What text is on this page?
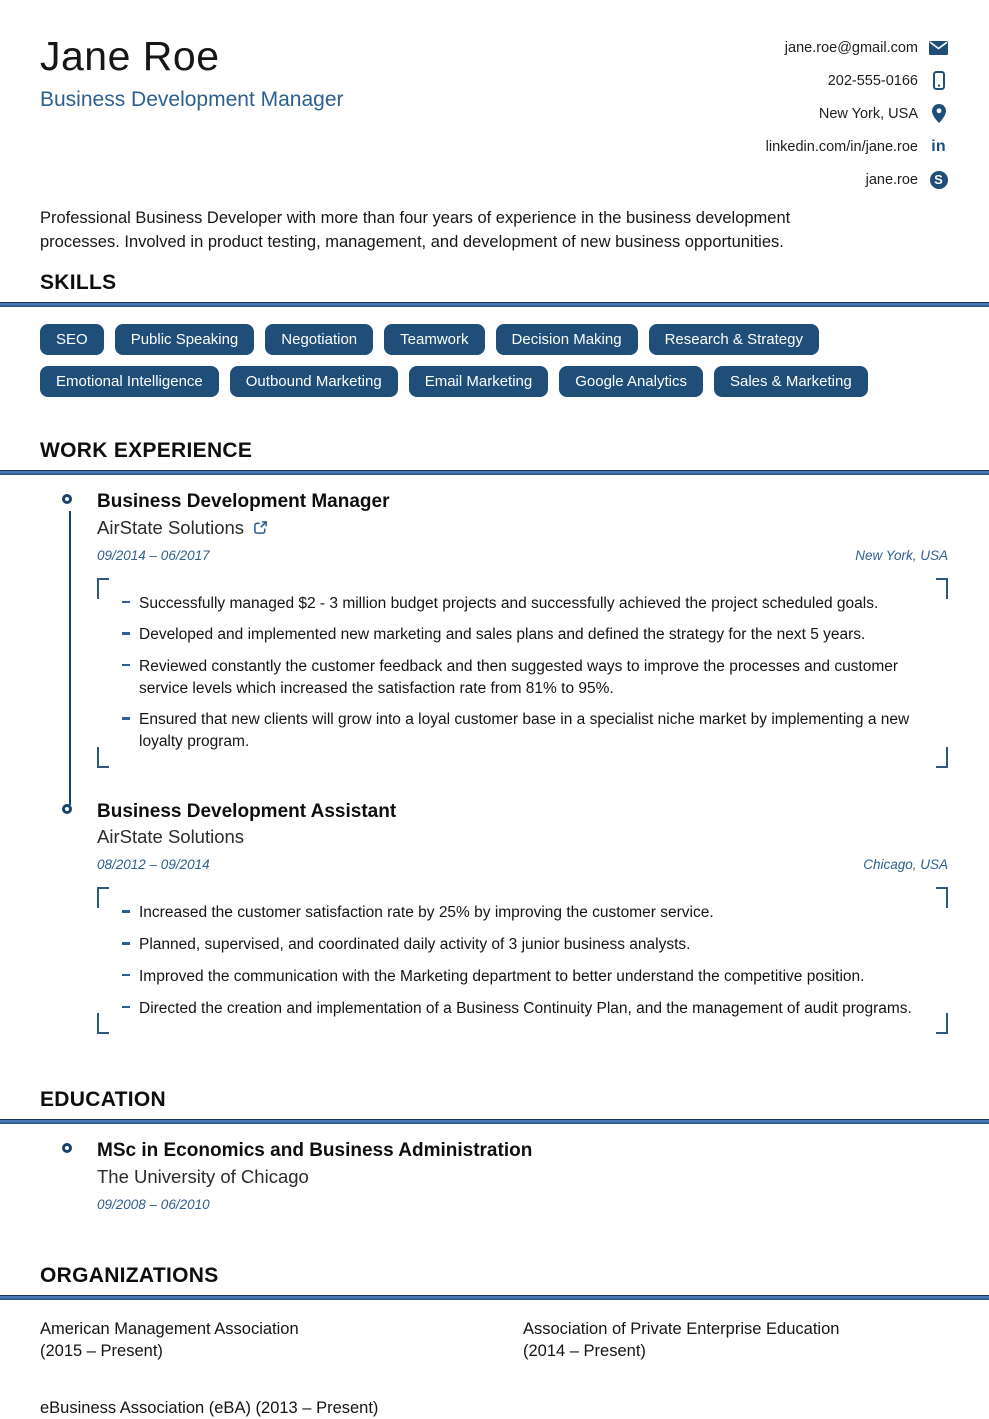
Jane Roe
Business Development Manager
jane.roe@gmail.com
202-555-0166
New York, USA
linkedin.com/in/jane.roe in
jane.roe	S
Professional Business Developer with more than four years of experience in the business development processes. Involved in product testing, management, and development of new business opportunities.
SKILLS
SEO	Public Speaking	Negotiation	Teamwork	Decision Making	Research & Strategy
Emotional Intelligence	Outbound Marketing	Email Marketing	Google Analytics	Sales & Marketing
WORK EXPERIENCE
Business Development Manager
AirState Solutions
09/2014 – 06/2017	New York, USA
Successfully managed $2 - 3 million budget projects and successfully achieved the project scheduled goals.
Developed and implemented new marketing and sales plans and defined the strategy for the next 5 years.
Reviewed constantly the customer feedback and then suggested ways to improve the processes and customer service levels which increased the satisfaction rate from 81% to 95%.
Ensured that new clients will grow into a loyal customer base in a specialist niche market by implementing a new loyalty program.
Business Development Assistant
AirState Solutions
08/2012 – 09/2014	Chicago, USA
Increased the customer satisfaction rate by 25% by improving the customer service.
Planned, supervised, and coordinated daily activity of 3 junior business analysts.
Improved the communication with the Marketing department to better understand the competitive position.
Directed the creation and implementation of a Business Continuity Plan, and the management of audit programs.
EDUCATION
MSc in Economics and Business Administration
The University of Chicago
09/2008 – 06/2010
ORGANIZATIONS
American Management Association
(2015 – Present)
Association of Private Enterprise Education
(2014 – Present)
eBusiness Association (eBA) (2013 – Present)
